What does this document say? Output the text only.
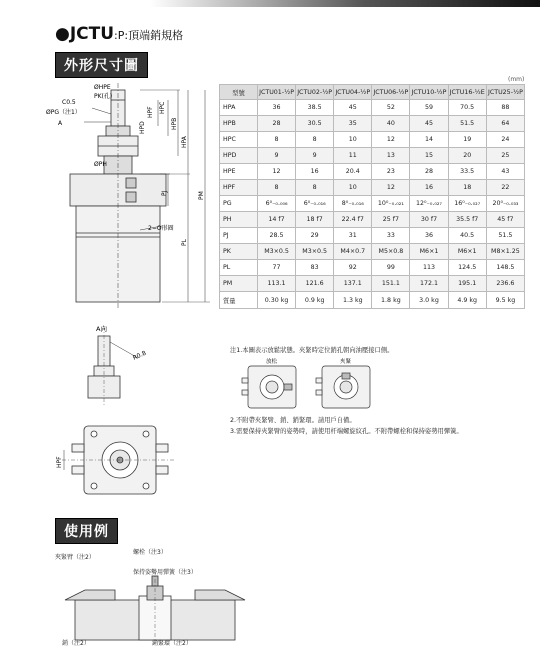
●JCTU:P:頂端銷規格
外形尺寸圖
C0.5
ØHPE
PK(孔)
ØPG（注1）
A
ØPH
2−O形圈
HPF
HPD
HPC
HPB
HPA
PJ
PL
PM
A向
R0.8
HPF
(mm)
型號	JCTU01-½P	JCTU02-½P	JCTU04-½P	JCTU06-½P	JCTU10-½P	JCTU16-½E	JCTU25-½P
HPA	36	38.5	45	52	59	70.5	88
HPB	28	30.5	35	40	45	51.5	64
HPC	8	8	10	12	14	19	24
HPD	9	9	11	13	15	20	25
HPE	12	16	20.4	23	28	33.5	43
HPF	8	8	10	12	16	18	22
PG	6⁰₋₀.₀₀₆	6⁰₋₀.₀₁₆	8⁰₋₀.₀₁₆	10⁰₋₀.₀₂₁	12⁰₋₀.₀₂₇	16⁰₋₀.₀₂₇	20⁰₋₀.₀₃₃
PH	14 f7	18 f7	22.4 f7	25 f7	30 f7	35.5 f7	45 f7
PJ	28.5	29	31	33	36	40.5	51.5
PK	M3×0.5	M3×0.5	M4×0.7	M5×0.8	M6×1	M6×1	M8×1.25
PL	77	83	92	99	113	124.5	148.5
PM	113.1	121.6	137.1	151.1	172.1	195.1	236.6
質量	0.30 kg	0.9 kg	1.3 kg	1.8 kg	3.0 kg	4.9 kg	9.5 kg
注1.本圖表示放鬆狀態。夾緊時定位銷孔朝向油壓接口側。
放松	夾緊
2.不附帶夾緊臂、銷、銷緊環。請用戶自備。
3.需要保持夾緊臂的姿勢時，請使用杆端螺旋紋孔。不附帶螺栓和保持姿勢用彈簧。
使用例
夾緊臂（注2）
螺栓（注3）
保持姿勢用彈簧（注3）
銷（注2）	銷緊環（注2）
